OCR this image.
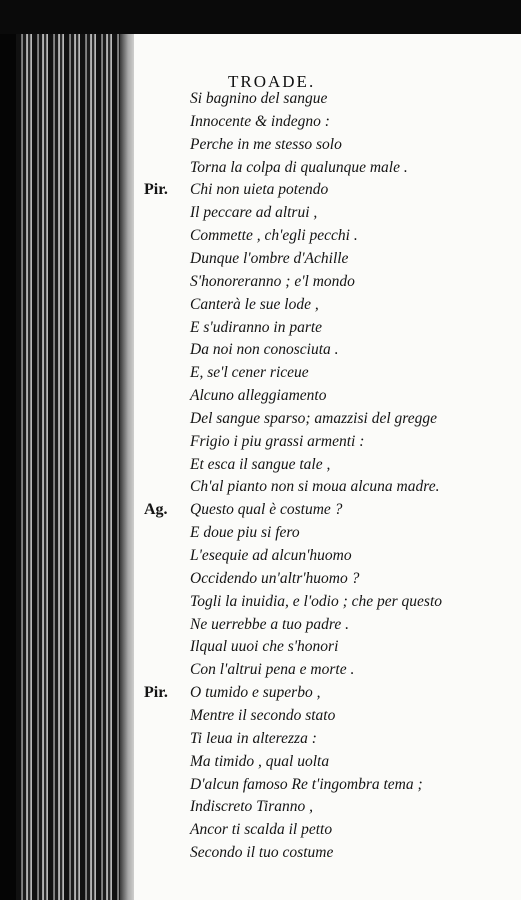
TROADE.
Si bagnino del sangue
Innocente & indegno :
Perche in me stesso solo
Torna la colpa di qualunque male .
Pir. Chi non uieta potendo
Il peccare ad altrui ,
Commette , ch'egli pecchi .
Dunque l'ombre d'Achille
S'honoreranno ; e'l mondo
Canterà le sue lode ,
E s'udiranno in parte
Da noi non conosciuta .
E, se'l cener riceue
Alcuno alleggiamento
Del sangue sparso; amazzisi del gregge
Frigio i piu grassi armenti :
Et esca il sangue tale ,
Ch'al pianto non si moua alcuna madre.
Ag. Questo qual è costume ?
E doue piu si fero
L'esequie ad alcun'huomo
Occidendo un'altr'huomo ?
Togli la inuidia, e l'odio ; che per questo
Ne uerrebbe a tuo padre .
Ilqual uuoi che s'honori
Con l'altrui pena e morte .
Pir. O tumido e superbo ,
Mentre il secondo stato
Ti leua in alterezza :
Ma timido , qual uolta
D'alcun famoso Re t'ingombra tema ;
Indiscreto Tiranno ,
Ancor ti scalda il petto
Secondo il tuo costume
